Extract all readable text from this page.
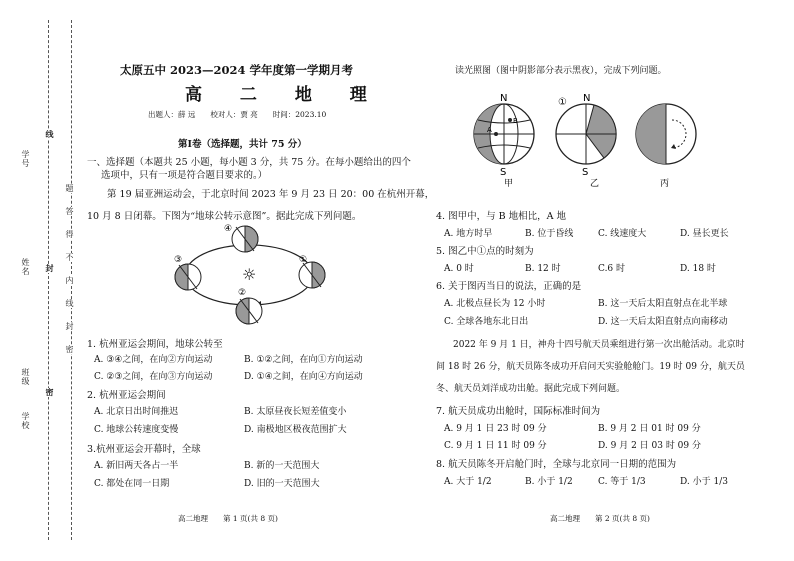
学号
姓名
班级
学校
线
封
密
密
封
线
内
不
得
答
题
太原五中 2023—2024 学年度第一学期月考
高 二 地 理
出题人：薛 远　　校对人：贾 亮　　时间：2023.10
第Ⅰ卷（选择题，共计 75 分）
一、选择题（本题共 25 小题，每小题 3 分，共 75 分。在每小题给出的四个
选项中，只有一项是符合题目要求的。）
第 19 届亚洲运动会，于北京时间 2023 年 9 月 23 日 20：00 在杭州开幕，
10 月 8 日闭幕。下图为“地球公转示意图”。据此完成下列问题。
☼
④
③	①
②
1. 杭州亚运会期间，地球公转至
A. ③④之间，在向②方向运动	B. ①②之间，在向①方向运动
C. ②③之间，在向③方向运动	D. ①④之间，在向④方向运动
2. 杭州亚运会期间
A. 北京日出时间推迟	B. 太原昼夜长短差值变小
C. 地球公转速度变慢	D. 南极地区极夜范围扩大
3.杭州亚运会开幕时，全球
A. 新旧两天各占一半	B. 新的一天范围大
C. 都处在同一日期	D. 旧的一天范围大
高二地理　　第 1 页(共 8 页)
读光照图（图中阴影部分表示黑夜），完成下列问题。
N
S
B
A
甲
① N
S
乙	丙
4. 图甲中，与 B 地相比，A 地
A. 地方时早	B. 位于昏线	C. 线速度大	D. 昼长更长
5. 图乙中①点的时刻为
A. 0 时	B. 12 时	C.6 时	D. 18 时
6. 关于图丙当日的说法，正确的是
A. 北极点昼长为 12 小时	B. 这一天后太阳直射点在北半球
C. 全球各地东北日出	D. 这一天后太阳直射点向南移动
2022 年 9 月 1 日，神舟十四号航天员乘组进行第一次出舱活动。北京时
间 18 时 26 分，航天员陈冬成功开启问天实验舱舱门。19 时 09 分，航天员
冬、航天员刘洋成功出舱。据此完成下列问题。
7. 航天员成功出舱时，国际标准时间为
A. 9 月 1 日 23 时 09 分	B. 9 月 2 日 01 时 09 分
C. 9 月 1 日 11 时 09 分	D. 9 月 2 日 03 时 09 分
8. 航天员陈冬开启舱门时，全球与北京同一日期的范围为
A. 大于 1/2	B. 小于 1/2	C. 等于 1/3	D. 小于 1/3
高二地理　　第 2 页(共 8 页)
